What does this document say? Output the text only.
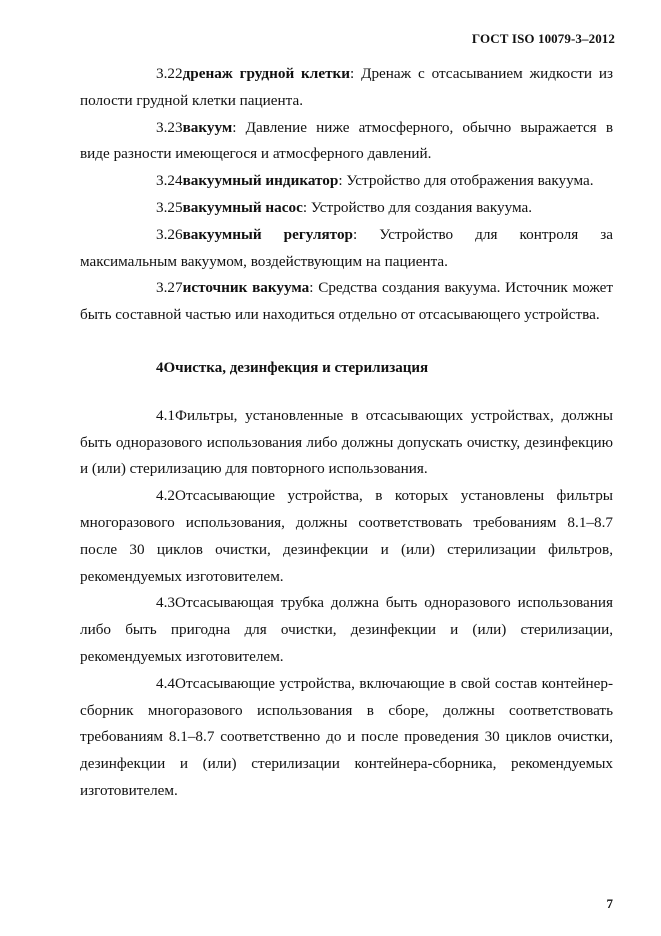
ГОСТ ISO 10079-3–2012

3.22дренаж грудной клетки: Дренаж с отсасыванием жидкости из полости грудной клетки пациента.

3.23вакуум: Давление ниже атмосферного, обычно выражается в виде разности имеющегося и атмосферного давлений.

3.24вакуумный индикатор: Устройство для отображения вакуума.

3.25вакуумный насос: Устройство для создания вакуума.

3.26вакуумный регулятор: Устройство для контроля за максимальным вакуумом, воздействующим на пациента.

3.27источник вакуума: Средства создания вакуума. Источник может быть составной частью или находиться отдельно от отсасывающего устройства.

4Очистка, дезинфекция и стерилизация

4.1Фильтры, установленные в отсасывающих устройствах, должны быть одноразового использования либо должны допускать очистку, дезинфекцию и (или) стерилизацию для повторного использования.

4.2Отсасывающие устройства, в которых установлены фильтры многоразового использования, должны соответствовать требованиям 8.1–8.7 после 30 циклов очистки, дезинфекции и (или) стерилизации фильтров, рекомендуемых изготовителем.

4.3Отсасывающая трубка должна быть одноразового использования либо быть пригодна для очистки, дезинфекции и (или) стерилизации, рекомендуемых изготовителем.

4.4Отсасывающие устройства, включающие в свой состав контейнер-сборник многоразового использования в сборе, должны соответствовать требованиям 8.1–8.7 соответственно до и после проведения 30 циклов очистки, дезинфекции и (или) стерилизации контейнера-сборника, рекомендуемых изготовителем.

7
